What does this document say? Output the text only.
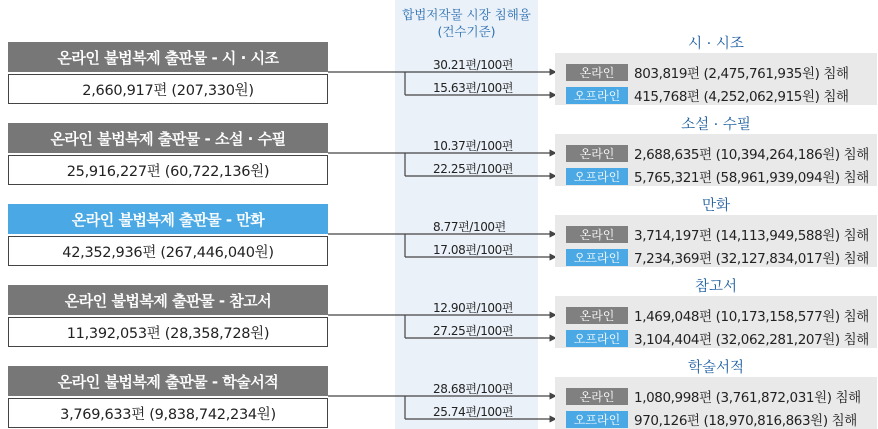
합법저작물 시장 침해율
(건수기준)
온라인 불법복제 출판물 - 시 · 시조
2,660,917편 (207,330원)
30.21편/100편
15.63편/100편
시 · 시조
온라인	803,819편 (2,475,761,935원) 침해
오프라인	415,768편 (4,252,062,915원) 침해
온라인 불법복제 출판물 - 소설 · 수필
25,916,227편 (60,722,136원)
10.37편/100편
22.25편/100편
소설 · 수필
온라인	2,688,635편 (10,394,264,186원) 침해
오프라인	5,765,321편 (58,961,939,094원) 침해
온라인 불법복제 출판물 - 만화
42,352,936편 (267,446,040원)
8.77편/100편
17.08편/100편
만화
온라인	3,714,197편 (14,113,949,588원) 침해
오프라인	7,234,369편 (32,127,834,017원) 침해
온라인 불법복제 출판물 - 참고서
11,392,053편 (28,358,728원)
12.90편/100편
27.25편/100편
참고서
온라인	1,469,048편 (10,173,158,577원) 침해
오프라인	3,104,404편 (32,062,281,207원) 침해
온라인 불법복제 출판물 - 학술서적
3,769,633편 (9,838,742,234원)
28.68편/100편
25.74편/100편
학술서적
온라인	1,080,998편 (3,761,872,031원) 침해
오프라인	970,126편 (18,970,816,863원) 침해
